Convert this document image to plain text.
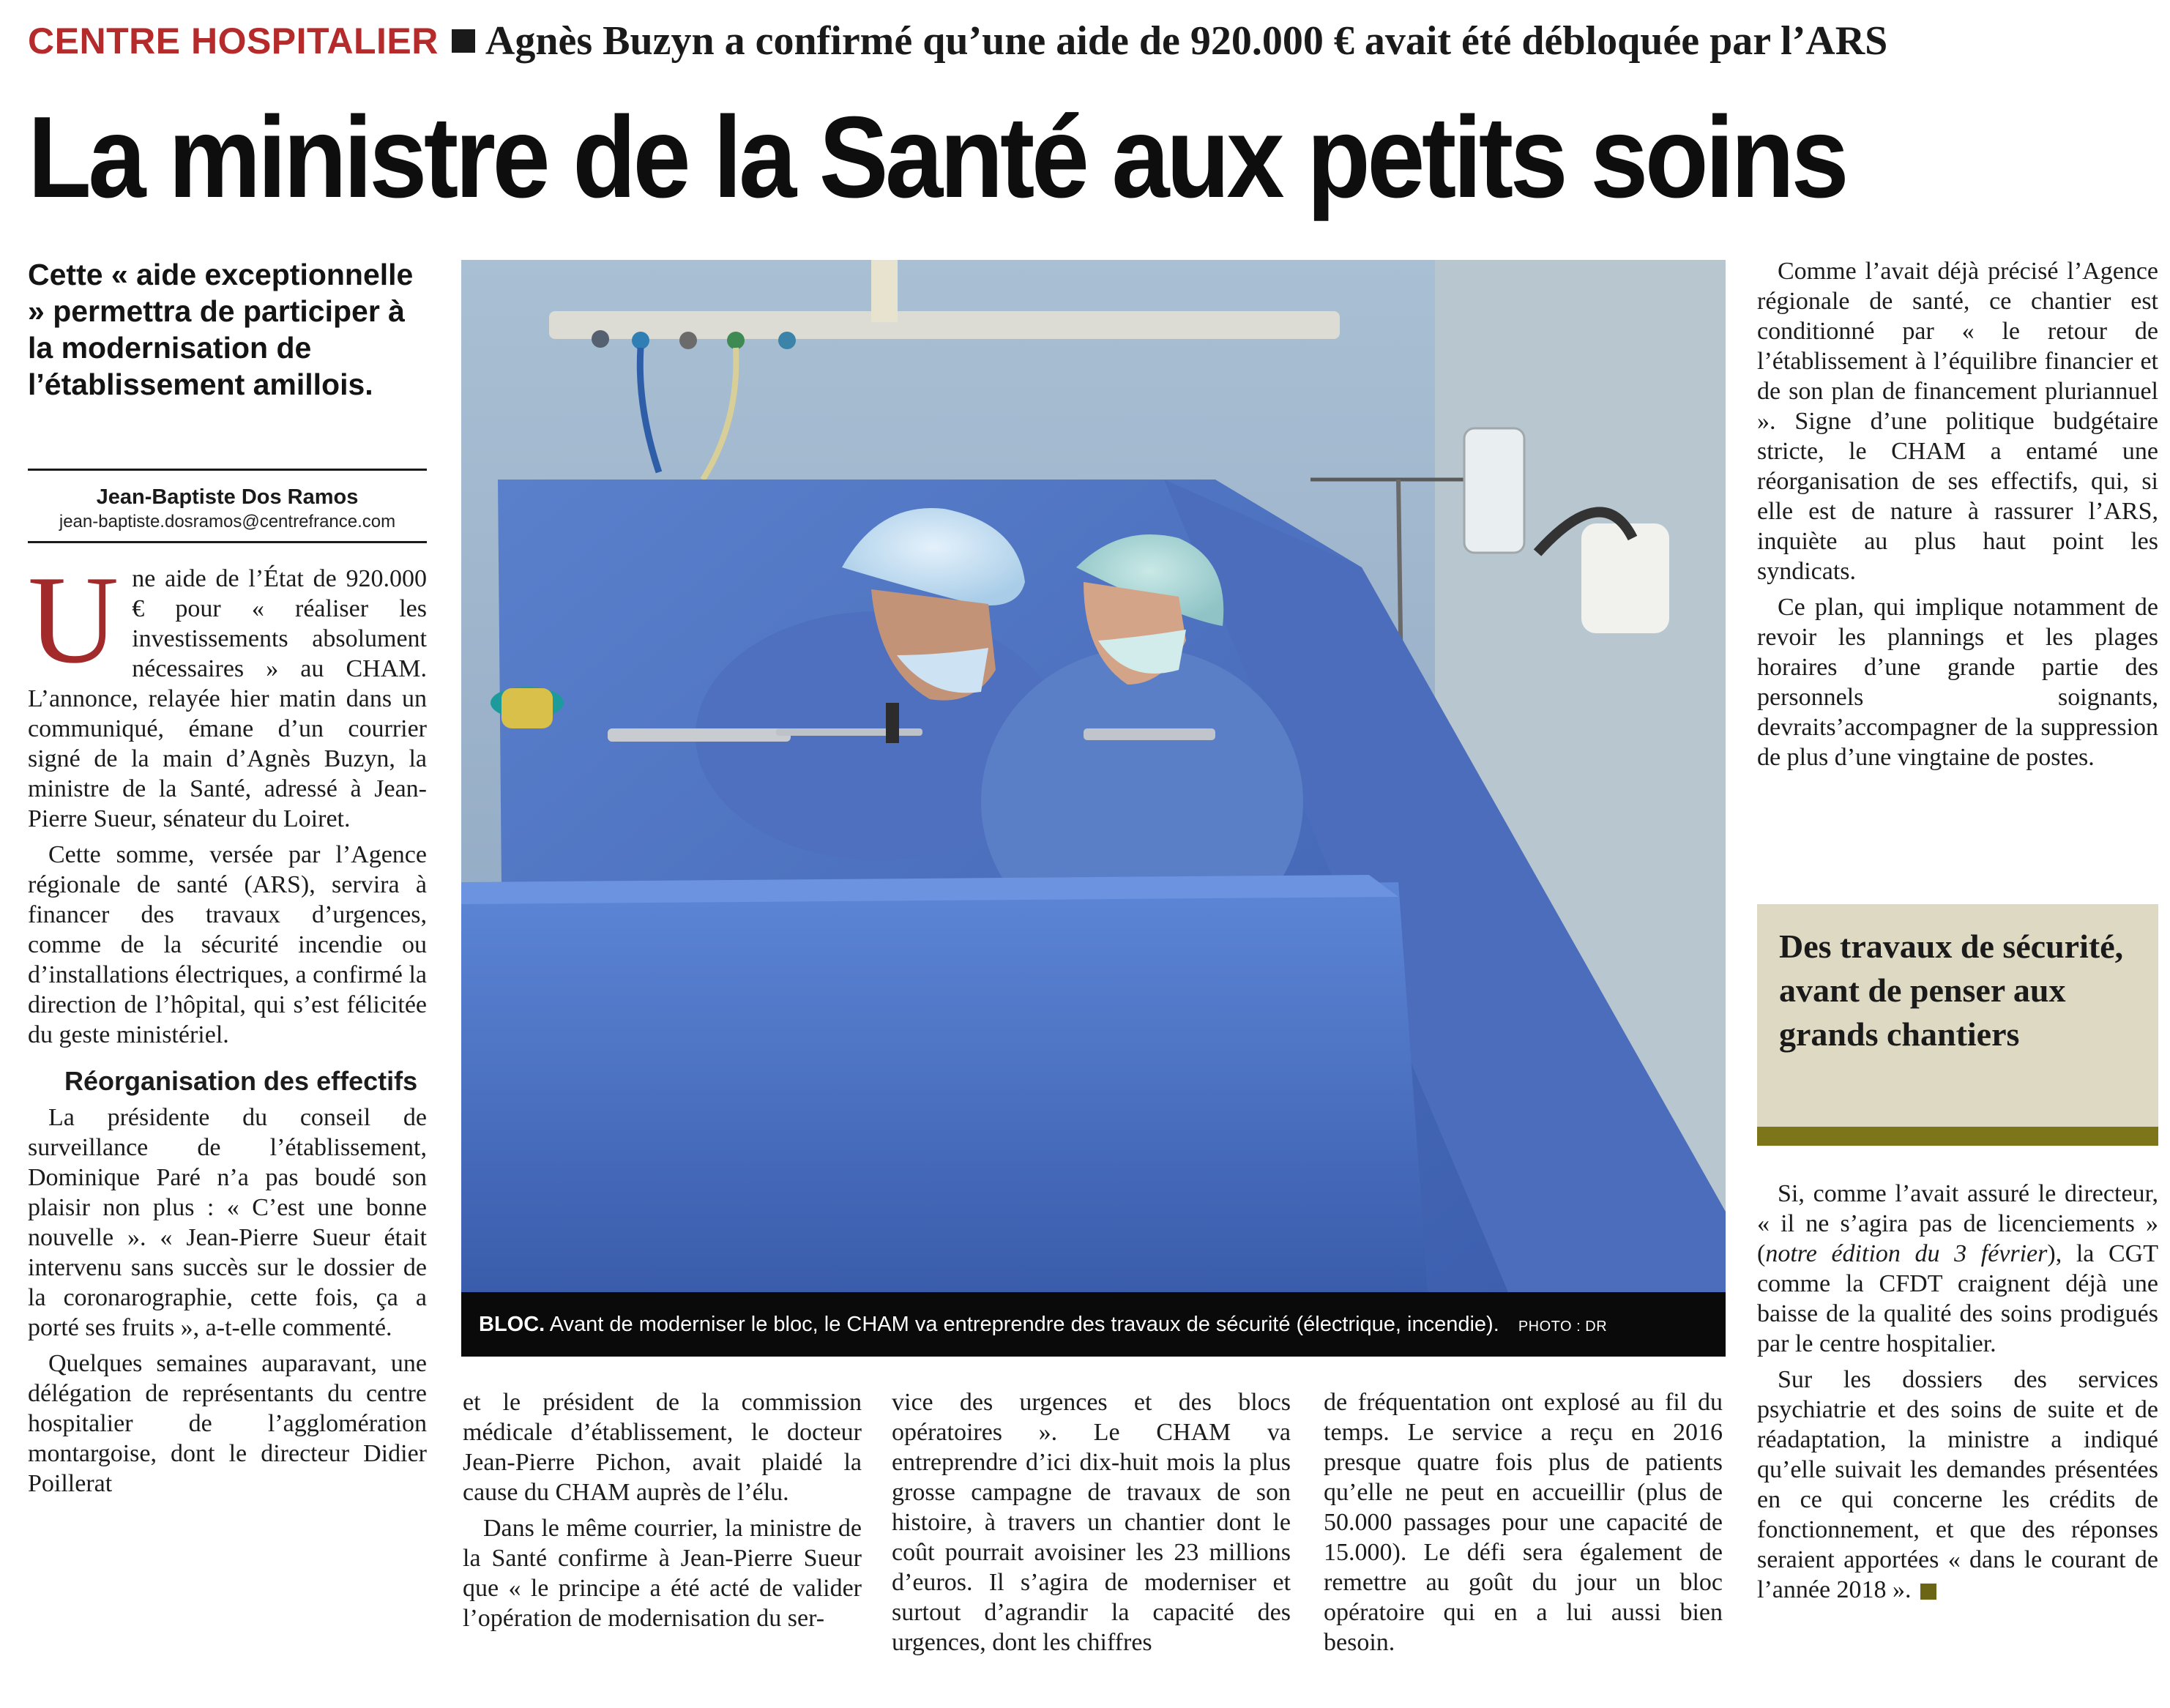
CENTRE HOSPITALIER Agnès Buzyn a confirmé qu’une aide de 920.000 € avait été débloquée par l’ARS
La ministre de la Santé aux petits soins
Cette « aide exceptionnelle » permettra de participer à la modernisation de l’établissement amillois.
Jean-Baptiste Dos Ramos
jean-baptiste.dosramos@centrefrance.com

Une aide de l’État de 920.000 € pour « réaliser les investissements absolument nécessaires » au CHAM. L’annonce, relayée hier matin dans un communiqué, émane d’un courrier signé de la main d’Agnès Buzyn, la ministre de la Santé, adressé à Jean-Pierre Sueur, sénateur du Loiret.

Cette somme, versée par l’Agence régionale de santé (ARS), servira à financer des travaux d’urgences, comme de la sécurité incendie ou d’installations électriques, a confirmé la direction de l’hôpital, qui s’est félicitée du geste ministériel.

Réorganisation des effectifs

La présidente du conseil de surveillance de l’établissement, Dominique Paré n’a pas boudé son plaisir non plus : « C’est une bonne nouvelle ». « Jean-Pierre Sueur était intervenu sans succès sur le dossier de la coronarographie, cette fois, ça a porté ses fruits », a-t-elle commenté.

Quelques semaines auparavant, une délégation de représentants du centre hospitalier de l’agglomération montargoise, dont le directeur Didier Poillerat

BLOC. Avant de moderniser le bloc, le CHAM va entreprendre des travaux de sécurité (électrique, incendie). PHOTO : DR

et le président de la commission médicale d’établissement, le docteur Jean-Pierre Pichon, avait plaidé la cause du CHAM auprès de l’élu.

Dans le même courrier, la ministre de la Santé confirme à Jean-Pierre Sueur que « le principe a été acté de valider l’opération de modernisation du ser-

vice des urgences et des blocs opératoires ». Le CHAM va entreprendre d’ici dix-huit mois la plus grosse campagne de travaux de son histoire, à travers un chantier dont le coût pourrait avoisiner les 23 millions d’euros. Il s’agira de moderniser et surtout d’agrandir la capacité des urgences, dont les chiffres

de fréquentation ont explosé au fil du temps. Le service a reçu en 2016 presque quatre fois plus de patients qu’elle ne peut en accueillir (plus de 50.000 passages pour une capacité de 15.000). Le défi sera également de remettre au goût du jour un bloc opératoire qui en a lui aussi bien besoin.

Comme l’avait déjà précisé l’Agence régionale de santé, ce chantier est conditionné par « le retour de l’établissement à l’équilibre financier et de son plan de financement pluriannuel ». Signe d’une politique budgétaire stricte, le CHAM a entamé une réorganisation de ses effectifs, qui, si elle est de nature à rassurer l’ARS, inquiète au plus haut point les syndicats.

Ce plan, qui implique notamment de revoir les plannings et les plages horaires d’une grande partie des personnels soignants, devraits’accompagner de la suppression de plus d’une vingtaine de postes.

Des travaux de sécurité, avant de penser aux grands chantiers

Si, comme l’avait assuré le directeur, « il ne s’agira pas de licenciements » (notre édition du 3 février), la CGT comme la CFDT craignent déjà une baisse de la qualité des soins prodigués par le centre hospitalier.

Sur les dossiers des services psychiatrie et des soins de suite et de réadaptation, la ministre a indiqué qu’elle suivait les demandes présentées en ce qui concerne les crédits de fonctionnement, et que des réponses seraient apportées « dans le courant de l’année 2018 ».
